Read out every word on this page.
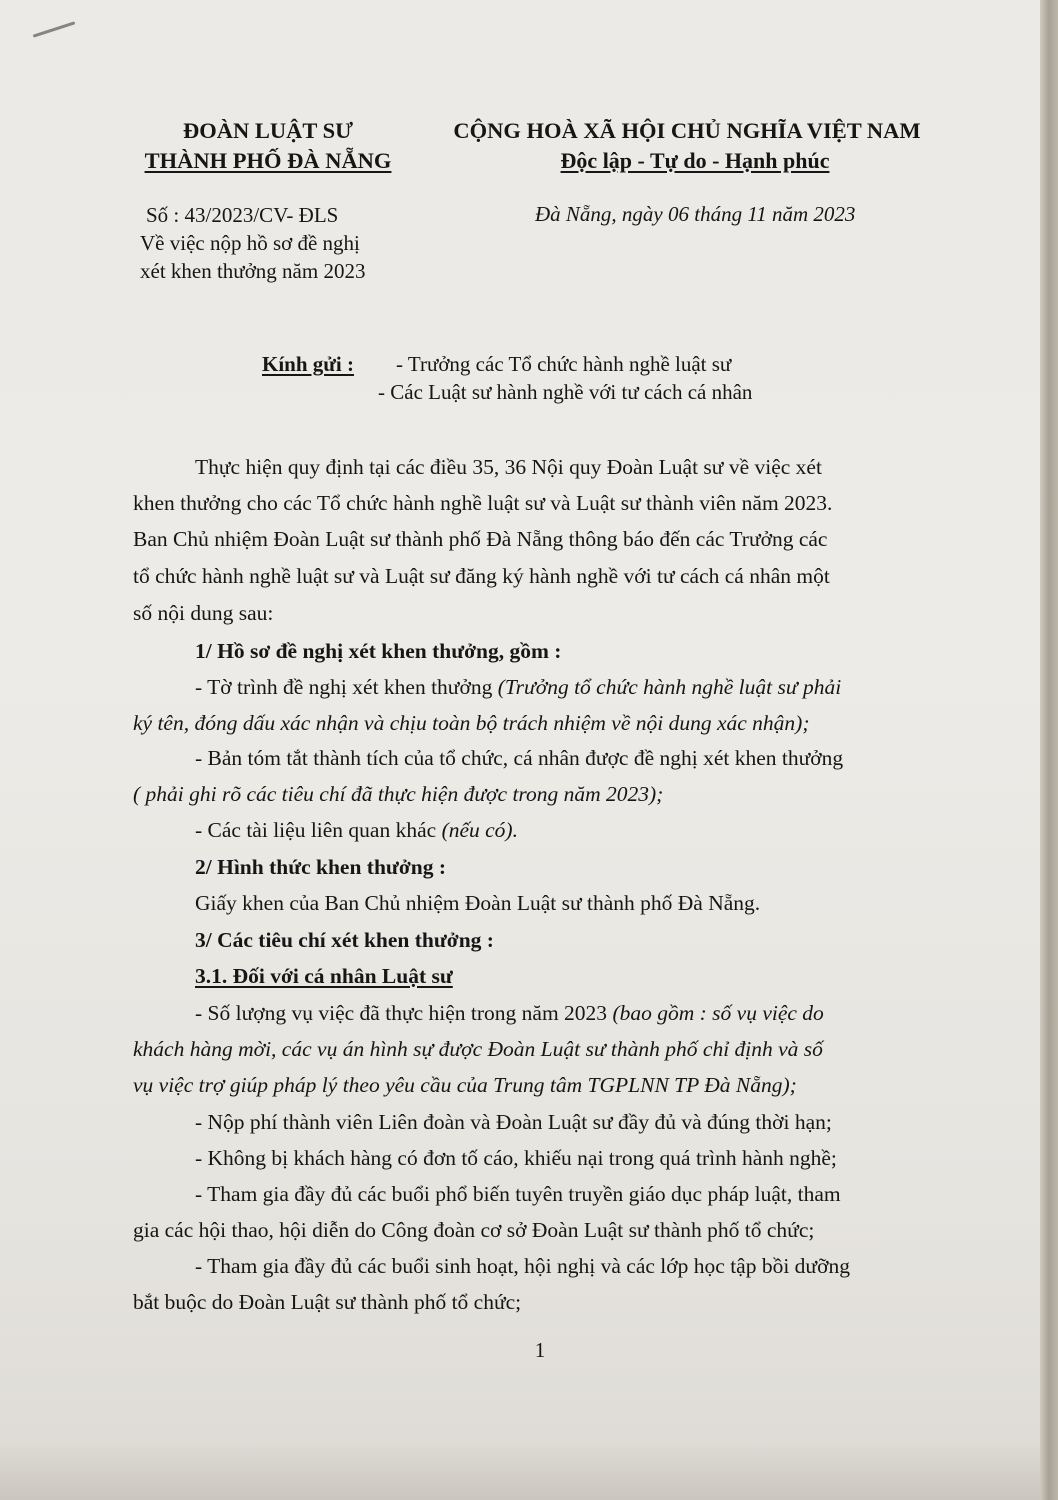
ĐOÀN LUẬT SƯ
THÀNH PHỐ ĐÀ NẴNG
CỘNG HOÀ XÃ HỘI CHỦ NGHĨA VIỆT NAM
Độc lập - Tự do - Hạnh phúc
Số : 43/2023/CV- ĐLS
Về việc nộp hồ sơ đề nghị
xét khen thưởng năm 2023
Đà Nẵng, ngày 06 tháng 11 năm 2023
Kính gửi : - Trưởng các Tổ chức hành nghề luật sư
- Các Luật sư hành nghề với tư cách cá nhân
Thực hiện quy định tại các điều 35, 36 Nội quy Đoàn Luật sư về việc xét
khen thưởng cho các Tổ chức hành nghề luật sư và Luật sư thành viên năm 2023.
Ban Chủ nhiệm Đoàn Luật sư thành phố Đà Nẵng thông báo đến các Trưởng các
tổ chức hành nghề luật sư và Luật sư đăng ký hành nghề với tư cách cá nhân một
số nội dung sau:
1/ Hồ sơ đề nghị xét khen thưởng, gồm :
- Tờ trình đề nghị xét khen thưởng (Trưởng tổ chức hành nghề luật sư phải
ký tên, đóng dấu xác nhận và chịu toàn bộ trách nhiệm về nội dung xác nhận);
- Bản tóm tắt thành tích của tổ chức, cá nhân được đề nghị xét khen thưởng
( phải ghi rõ các tiêu chí đã thực hiện được trong năm 2023);
- Các tài liệu liên quan khác (nếu có).
2/ Hình thức khen thưởng :
Giấy khen của Ban Chủ nhiệm Đoàn Luật sư thành phố Đà Nẵng.
3/ Các tiêu chí xét khen thưởng :
3.1. Đối với cá nhân Luật sư
- Số lượng vụ việc đã thực hiện trong năm 2023 (bao gồm : số vụ việc do
khách hàng mời, các vụ án hình sự được Đoàn Luật sư thành phố chỉ định và số
vụ việc trợ giúp pháp lý theo yêu cầu của Trung tâm TGPLNN TP Đà Nẵng);
- Nộp phí thành viên Liên đoàn và Đoàn Luật sư đầy đủ và đúng thời hạn;
- Không bị khách hàng có đơn tố cáo, khiếu nại trong quá trình hành nghề;
- Tham gia đầy đủ các buổi phổ biến tuyên truyền giáo dục pháp luật, tham
gia các hội thao, hội diễn do Công đoàn cơ sở Đoàn Luật sư thành phố tổ chức;
- Tham gia đầy đủ các buổi sinh hoạt, hội nghị và các lớp học tập bồi dưỡng
bắt buộc do Đoàn Luật sư thành phố tổ chức;
1
